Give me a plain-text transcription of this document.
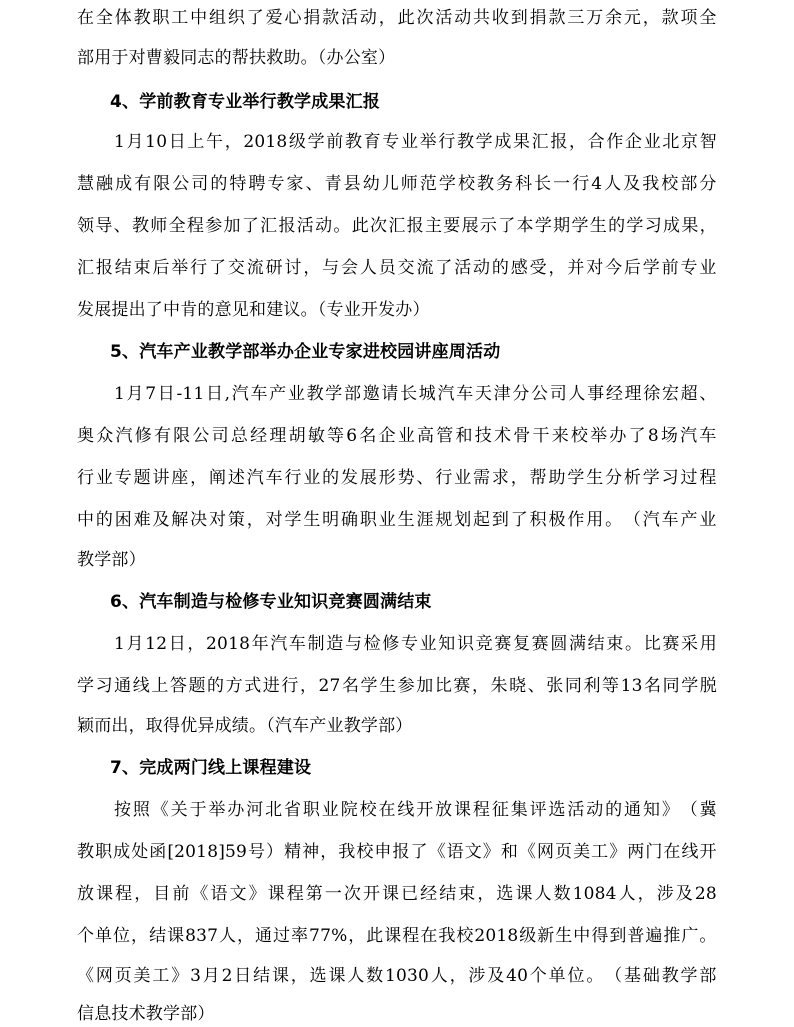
在 全 体 教 职 工 中 组 织 了 爱 心 捐 款 活 动 ， 此 次 活 动 共 收 到 捐 款 三 万 余 元 ， 款 项 全
部用于对曹毅同志的帮扶救助。（办公室）
4、学前教育专业举行教学成果汇报
1 月 10 日 上 午 ， 2018 级 学 前 教 育 专 业 举 行 教 学 成 果 汇 报 ， 合 作 企 业 北 京 智
慧 融 成 有 限 公 司 的 特 聘 专 家 、 青 县 幼 儿 师 范 学 校 教 务 科 长 一 行 4 人 及 我 校 部 分
领 导 、 教 师 全 程 参 加 了 汇 报 活 动 。 此 次 汇 报 主 要 展 示 了 本 学 期 学 生 的 学 习 成 果 ，
汇 报 结 束 后 举 行 了 交 流 研 讨 ， 与 会 人 员 交 流 了 活 动 的 感 受 ， 并 对 今 后 学 前 专 业
发展提出了中肯的意见和建议。（专业开发办）
5、汽车产业教学部举办企业专家进校园讲座周活动
1 月 7 日 -11 日 , 汽 车 产 业 教 学 部 邀 请 长 城 汽 车 天 津 分 公 司 人 事 经 理 徐 宏 超 、
奥 众 汽 修 有 限 公 司 总 经 理 胡 敏 等 6 名 企 业 高 管 和 技 术 骨 干 来 校 举 办 了 8 场 汽 车
行 业 专 题 讲 座 ， 阐 述 汽 车 行 业 的 发 展 形 势 、 行 业 需 求 ， 帮 助 学 生 分 析 学 习 过 程
中 的 困 难 及 解 决 对 策 ， 对 学 生 明 确 职 业 生 涯 规 划 起 到 了 积 极 作 用 。 （ 汽 车 产 业
教学部）
6、汽车制造与检修专业知识竞赛圆满结束
1 月 12 日 ， 2018 年 汽 车 制 造 与 检 修 专 业 知 识 竞 赛 复 赛 圆 满 结 束 。 比 赛 采 用
学 习 通 线 上 答 题 的 方 式 进 行 ， 27 名 学 生 参 加 比 赛 ， 朱 晓 、 张 同 利 等 13 名 同 学 脱
颖而出，取得优异成绩。（汽车产业教学部）
7、完成两门线上课程建设
按 照 《 关 于 举 办 河 北 省 职 业 院 校 在 线 开 放 课 程 征 集 评 选 活 动 的 通 知 》 （ 冀
教 职 成 处 函 [2018]59 号 ） 精 神 ， 我 校 申 报 了 《 语 文 》 和 《 网 页 美 工 》 两 门 在 线 开
放 课 程 ， 目 前 《 语 文 》 课 程 第 一 次 开 课 已 经 结 束 ， 选 课 人 数 1084 人 ， 涉 及 28
个 单 位 ， 结 课 837 人 ， 通 过 率 77% ， 此 课 程 在 我 校 2018 级 新 生 中 得 到 普 遍 推 广 。
《 网 页 美 工 》 3 月 2 日 结 课 ， 选 课 人 数 1030 人 ， 涉 及 40 个 单 位 。 （ 基 础 教 学 部
信息技术教学部）
